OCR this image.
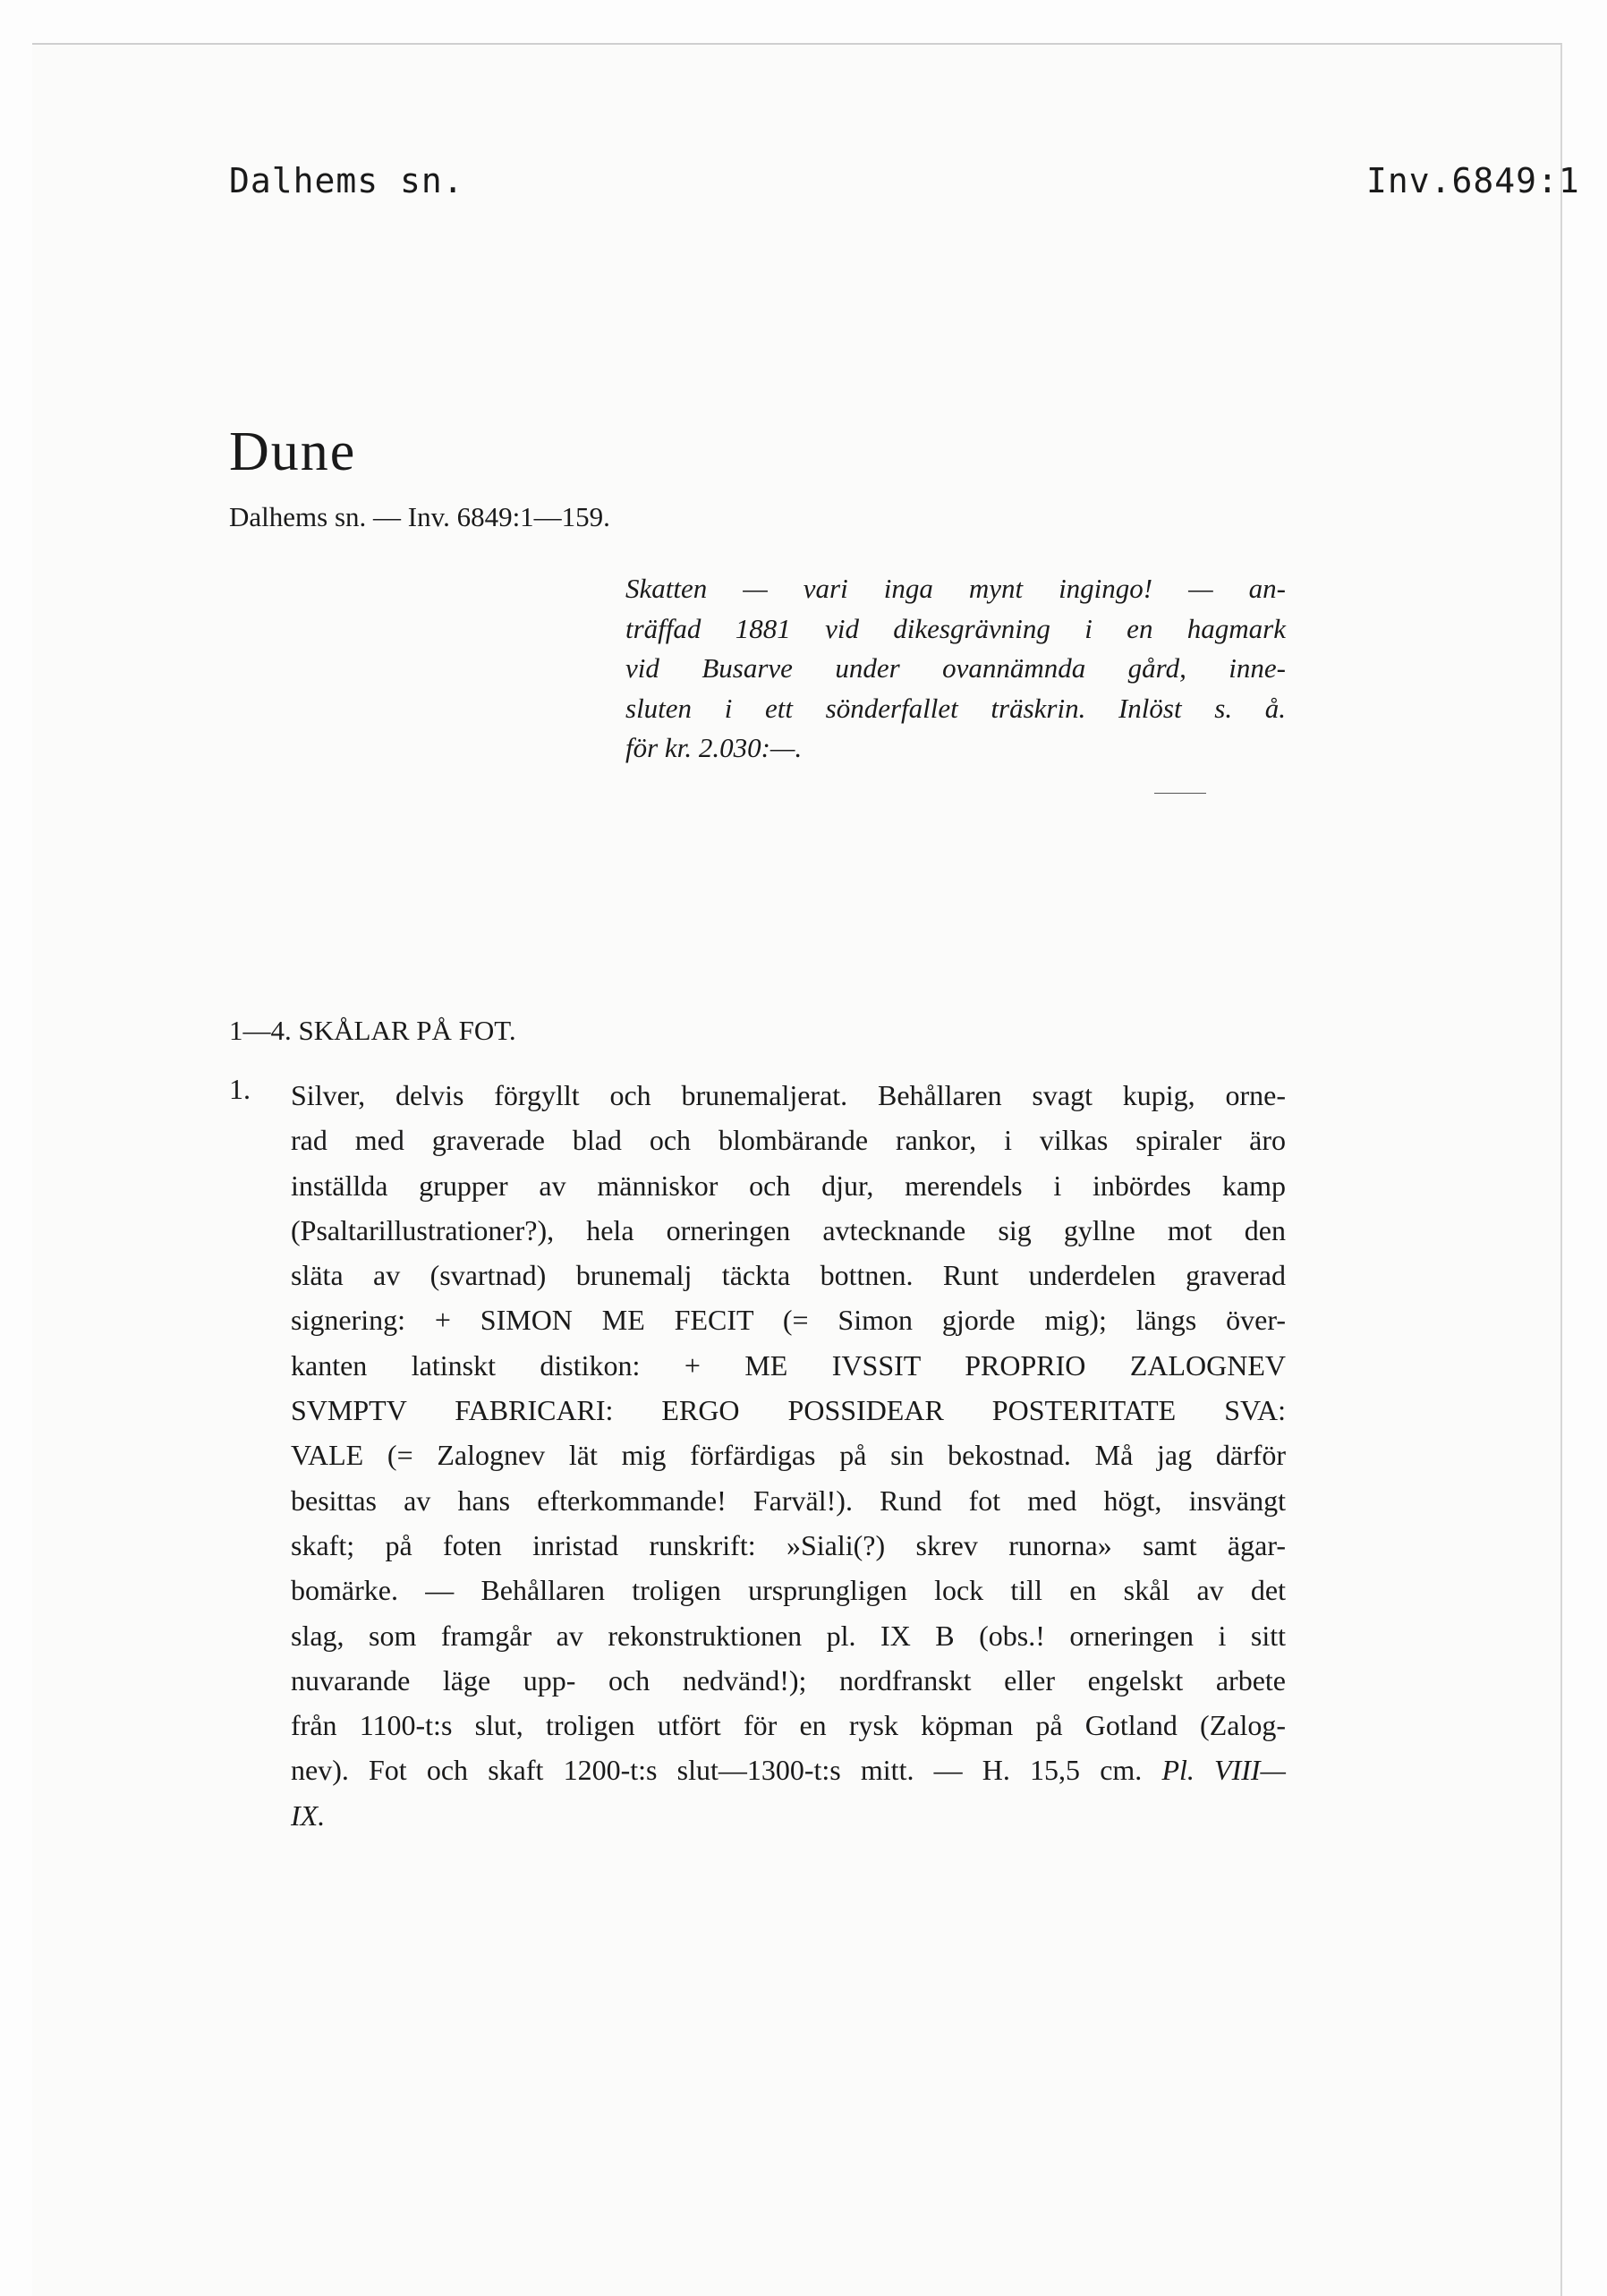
Dalhems sn.	Inv.6849:1
Dune
Dalhems sn. — Inv. 6849:1—159.
Skatten — vari inga mynt ingingo! — an-
träffad 1881 vid dikesgrävning i en hagmark
vid Busarve under ovannämnda gård, inne-
sluten i ett sönderfallet träskrin. Inlöst s. å.
för kr. 2.030:—.
1—4. SKÅLAR PÅ FOT.
1. Silver, delvis förgyllt och brunemaljerat. Behållaren svagt kupig, orne-
rad med graverade blad och blombärande rankor, i vilkas spiraler äro
inställda grupper av människor och djur, merendels i inbördes kamp
(Psaltarillustrationer?), hela orneringen avtecknande sig gyllne mot den
släta av (svartnad) brunemalj täckta bottnen. Runt underdelen graverad
signering: + SIMON ME FECIT (= Simon gjorde mig); längs över-
kanten latinskt distikon: + ME IVSSIT PROPRIO ZALOGNEV
SVMPTV FABRICARI: ERGO POSSIDEAR POSTERITATE SVA:
VALE (= Zalognev lät mig förfärdigas på sin bekostnad. Må jag därför
besittas av hans efterkommande! Farväl!). Rund fot med högt, insvängt
skaft; på foten inristad runskrift: »Siali(?) skrev runorna» samt ägar-
bomärke. — Behållaren troligen ursprungligen lock till en skål av det
slag, som framgår av rekonstruktionen pl. IX B (obs.! orneringen i sitt
nuvarande läge upp- och nedvänd!); nordfranskt eller engelskt arbete
från 1100-t:s slut, troligen utfört för en rysk köpman på Gotland (Zalog-
nev). Fot och skaft 1200-t:s slut—1300-t:s mitt. — H. 15,5 cm. Pl. VIII—
IX.
